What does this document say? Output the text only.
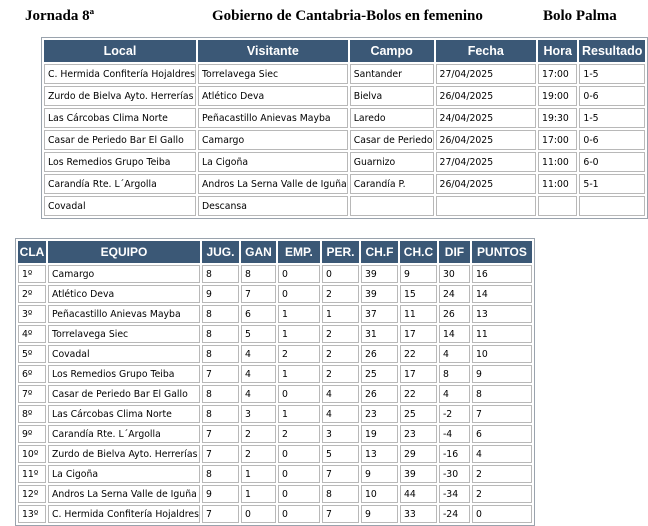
Jornada 8ª	Gobierno de Cantabria-Bolos en femenino	Bolo Palma
Local	Visitante	Campo	Fecha	Hora	Resultado
C. Hermida Confitería Hojaldres	Torrelavega Siec	Santander	27/04/2025	17:00	1-5
Zurdo de Bielva Ayto. Herrerías	Atlético Deva	Bielva	26/04/2025	19:00	0-6
Las Cárcobas Clima Norte	Peñacastillo Anievas Mayba	Laredo	24/04/2025	19:30	1-5
Casar de Periedo Bar El Gallo	Camargo	Casar de Periedo	26/04/2025	17:00	0-6
Los Remedios Grupo Teiba	La Cigoña	Guarnizo	27/04/2025	11:00	6-0
Carandía Rte. L´Argolla	Andros La Serna Valle de Iguña	Carandía P.	26/04/2025	11:00	5-1
Covadal	Descansa				
CLA	EQUIPO	JUG.	GAN	EMP.	PER.	CH.F	CH.C	DIF	PUNTOS
1º	Camargo	8	8	0	0	39	9	30	16
2º	Atlético Deva	9	7	0	2	39	15	24	14
3º	Peñacastillo Anievas Mayba	8	6	1	1	37	11	26	13
4º	Torrelavega Siec	8	5	1	2	31	17	14	11
5º	Covadal	8	4	2	2	26	22	4	10
6º	Los Remedios Grupo Teiba	7	4	1	2	25	17	8	9
7º	Casar de Periedo Bar El Gallo	8	4	0	4	26	22	4	8
8º	Las Cárcobas Clima Norte	8	3	1	4	23	25	-2	7
9º	Carandía Rte. L´Argolla	7	2	2	3	19	23	-4	6
10º	Zurdo de Bielva Ayto. Herrerías	7	2	0	5	13	29	-16	4
11º	La Cigoña	8	1	0	7	9	39	-30	2
12º	Andros La Serna Valle de Iguña	9	1	0	8	10	44	-34	2
13º	C. Hermida Confitería Hojaldres	7	0	0	7	9	33	-24	0
